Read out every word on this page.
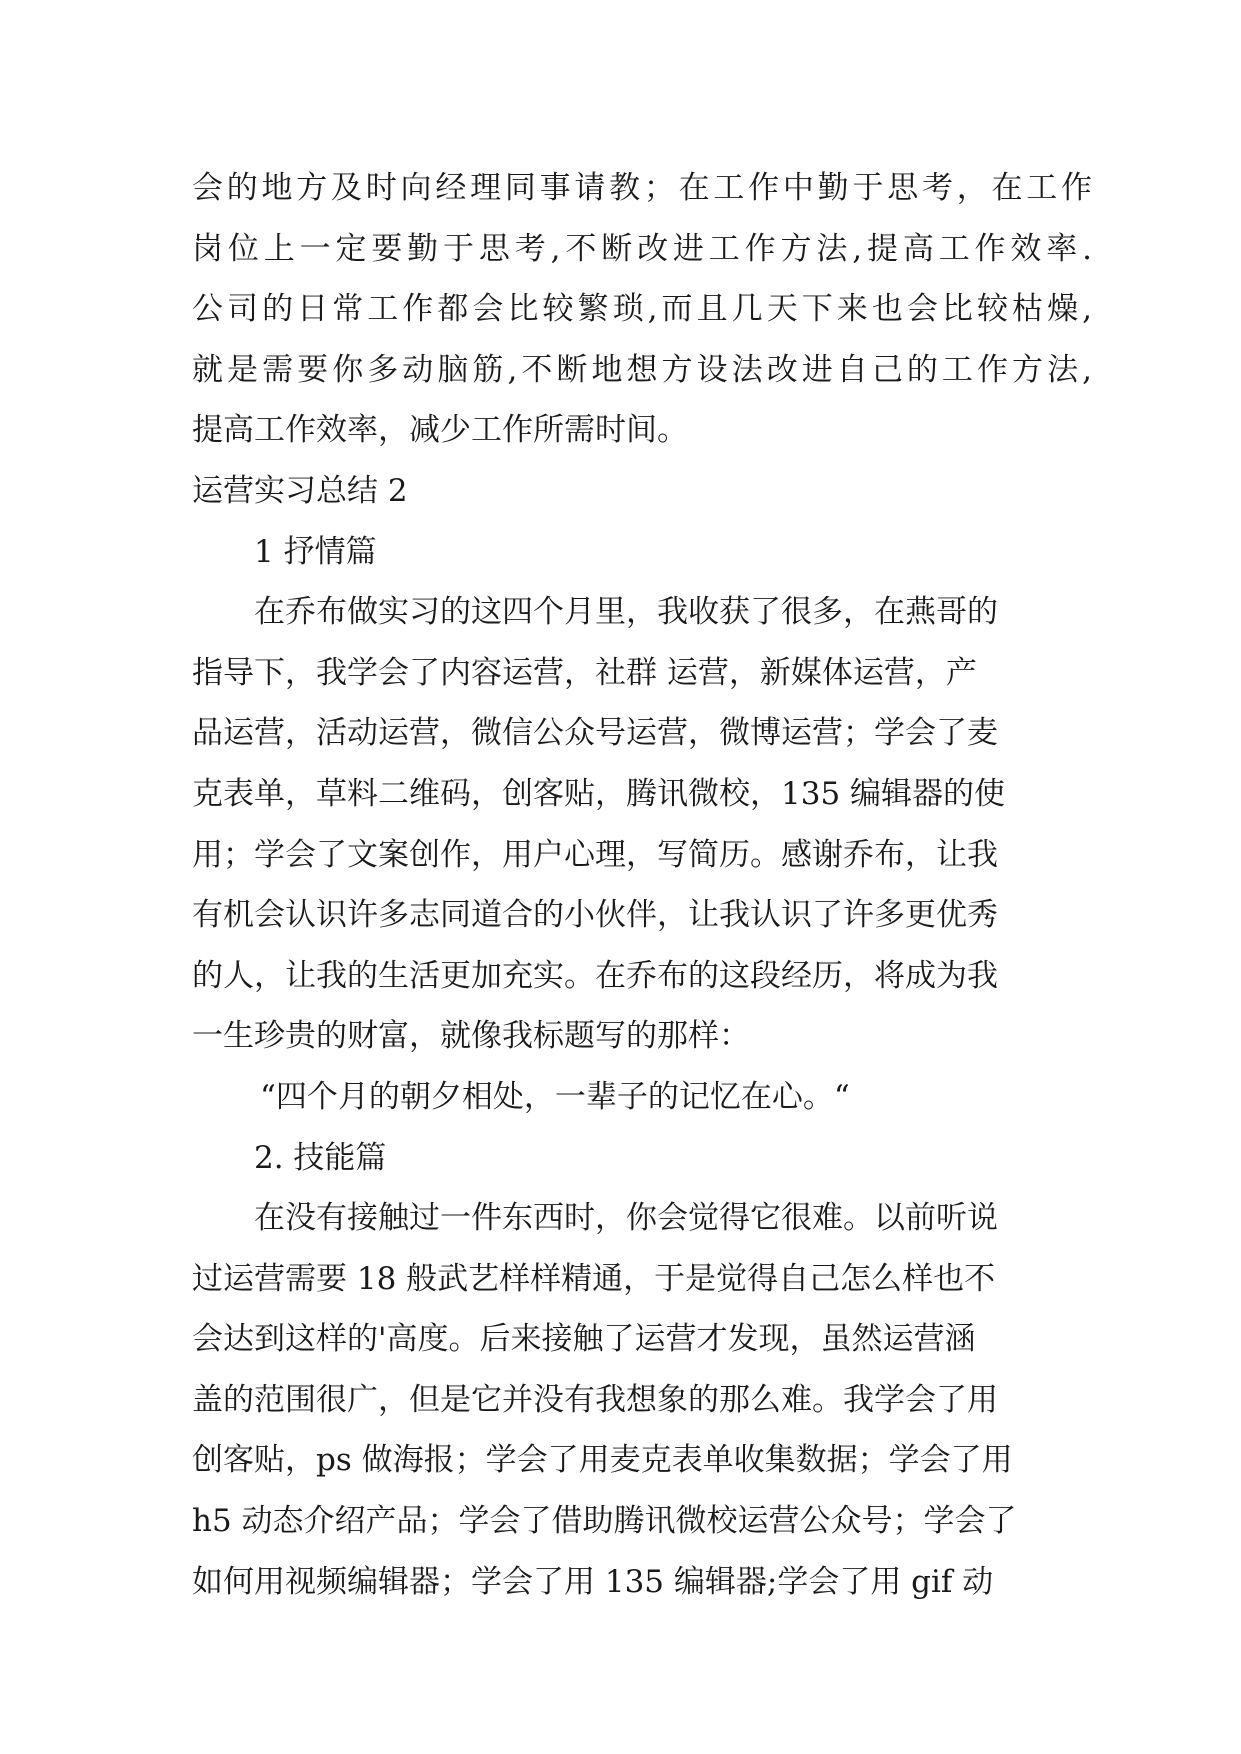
会的地方及时向经理同事请教；在工作中勤于思考，在工作
岗位上一定要勤于思考,不断改进工作方法,提高工作效率.
公司的日常工作都会比较繁琐,而且几天下来也会比较枯燥,
就是需要你多动脑筋,不断地想方设法改进自己的工作方法,
提高工作效率，减少工作所需时间。
运营实习总结 2
1 抒情篇
在乔布做实习的这四个月里，我收获了很多，在燕哥的
指导下，我学会了内容运营，社群 运营，新媒体运营，产
品运营，活动运营，微信公众号运营，微博运营；学会了麦
克表单，草料二维码，创客贴，腾讯微校，135 编辑器的使
用；学会了文案创作，用户心理，写简历。感谢乔布，让我
有机会认识许多志同道合的小伙伴，让我认识了许多更优秀
的人，让我的生活更加充实。在乔布的这段经历，将成为我
一生珍贵的财富，就像我标题写的那样：
“四个月的朝夕相处，一辈子的记忆在心。“
2. 技能篇
在没有接触过一件东西时，你会觉得它很难。以前听说
过运营需要 18 般武艺样样精通，于是觉得自己怎么样也不
会达到这样的'高度。后来接触了运营才发现，虽然运营涵
盖的范围很广，但是它并没有我想象的那么难。我学会了用
创客贴，ps 做海报；学会了用麦克表单收集数据；学会了用
h5 动态介绍产品；学会了借助腾讯微校运营公众号；学会了
如何用视频编辑器；学会了用 135 编辑器;学会了用 gif 动
